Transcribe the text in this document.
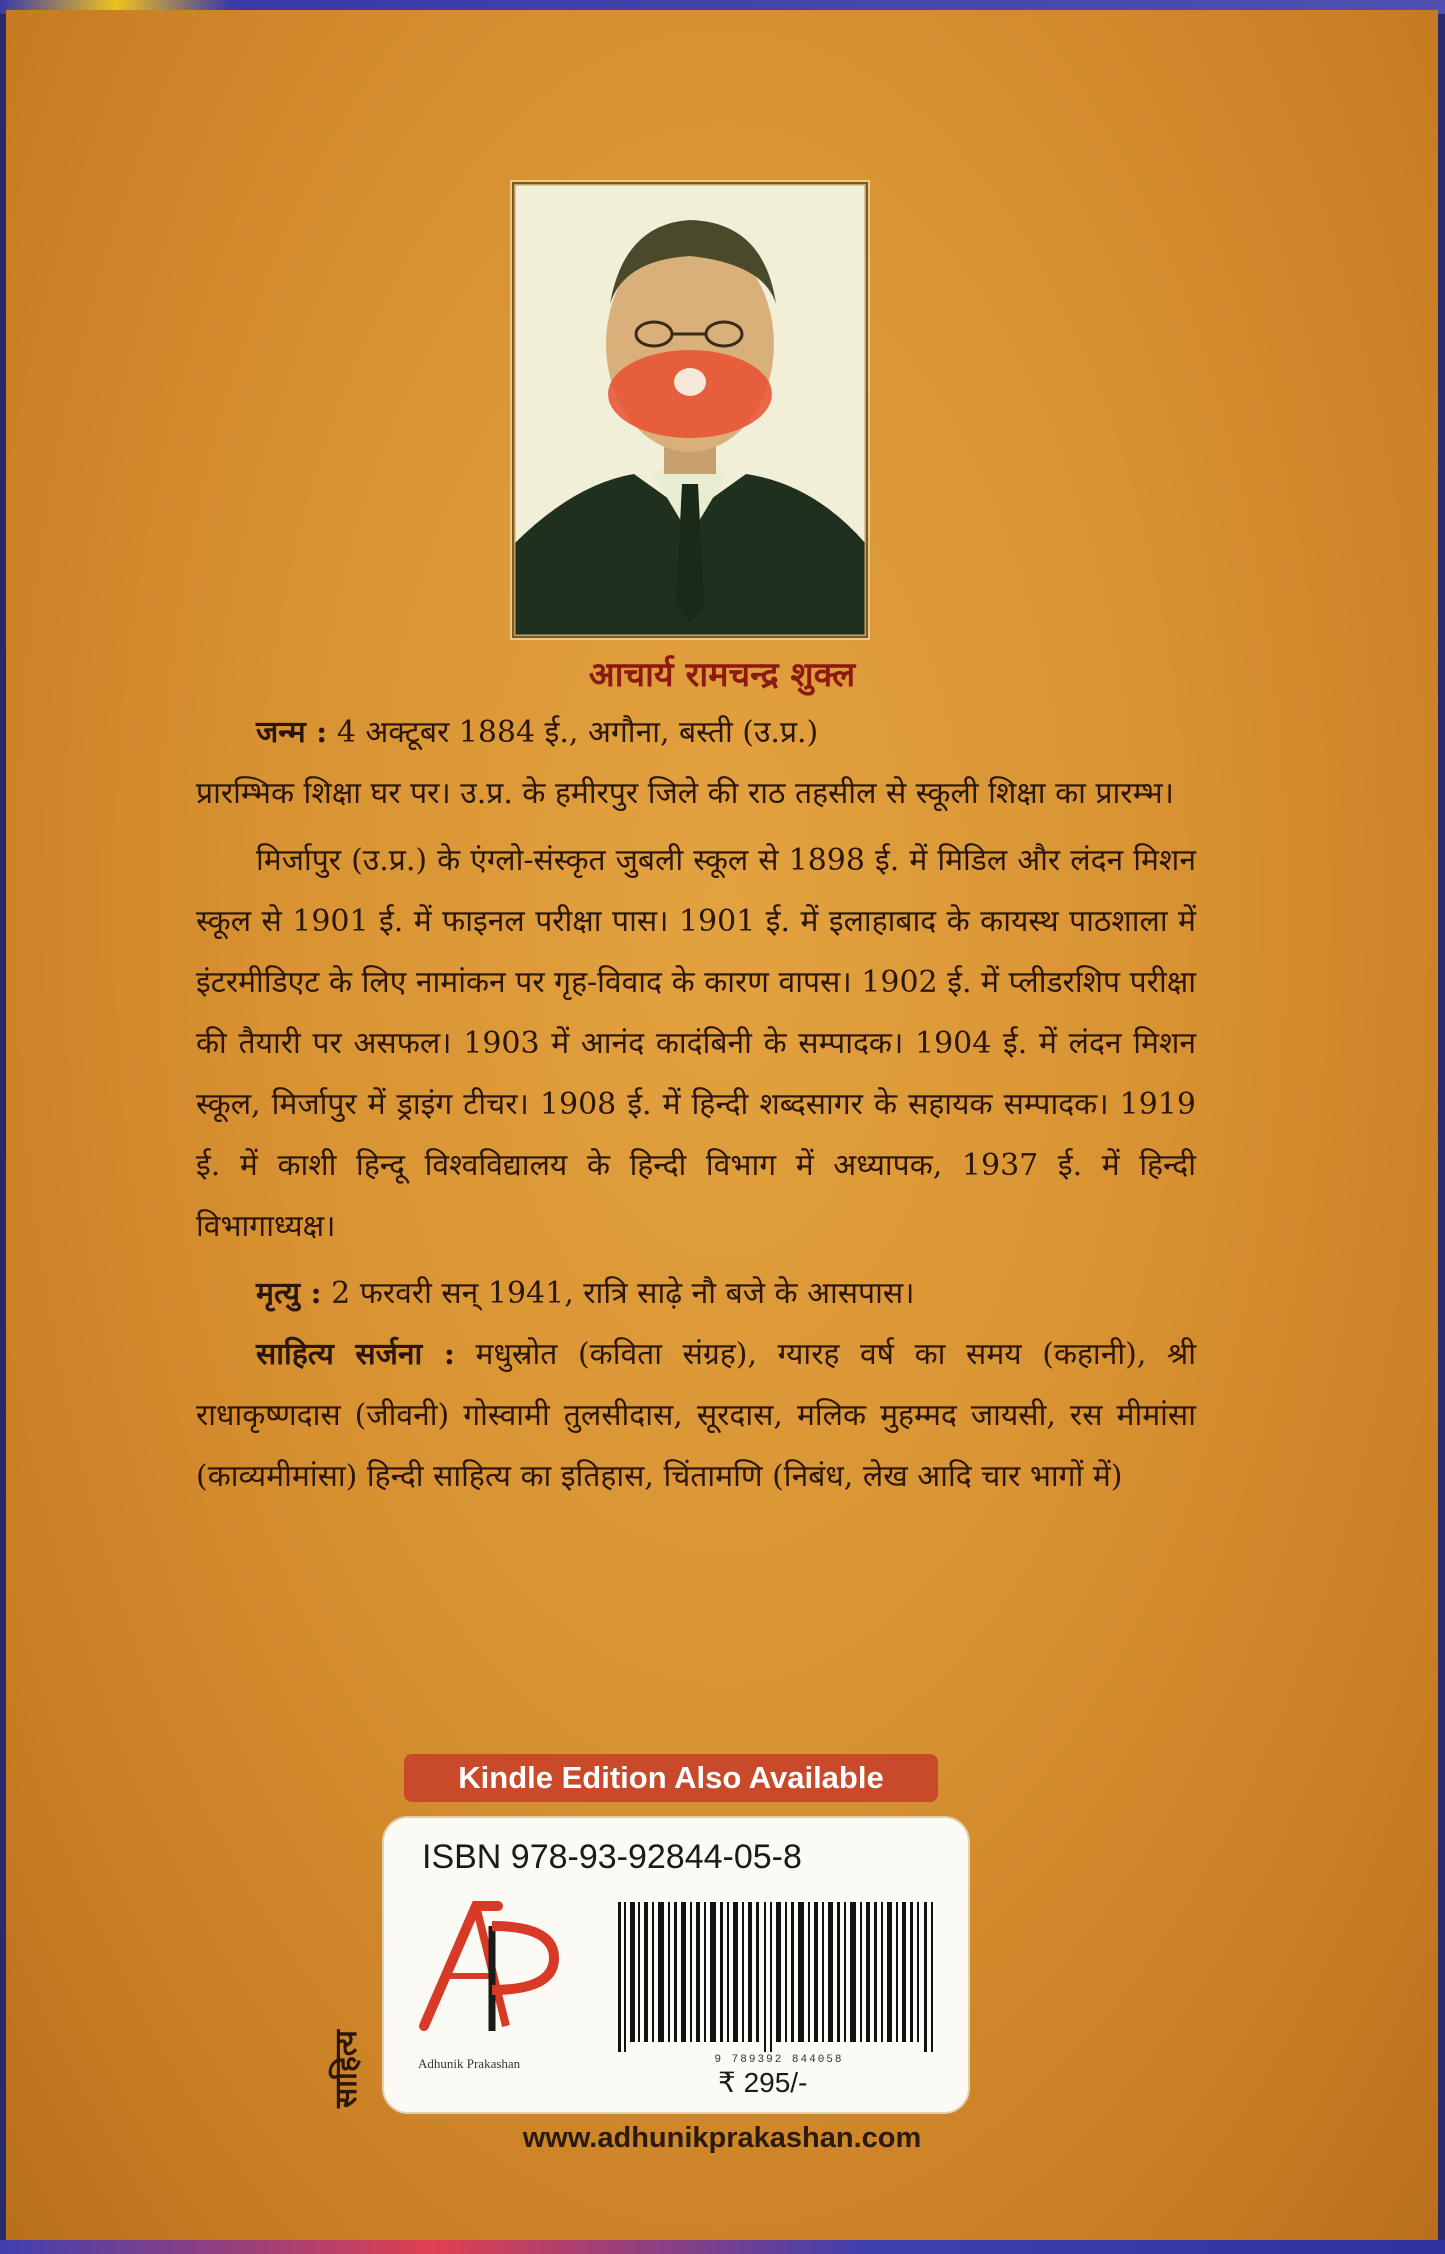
आचार्य रामचन्द्र शुक्ल

जन्म : 4 अक्टूबर 1884 ई., अगौना, बस्ती (उ.प्र.)

प्रारम्भिक शिक्षा घर पर। उ.प्र. के हमीरपुर जिले की राठ तहसील से स्कूली शिक्षा का प्रारम्भ।

मिर्जापुर (उ.प्र.) के एंग्लो-संस्कृत जुबली स्कूल से 1898 ई. में मिडिल और लंदन मिशन स्कूल से 1901 ई. में फाइनल परीक्षा पास। 1901 ई. में इलाहाबाद के कायस्थ पाठशाला में इंटरमीडिएट के लिए नामांकन पर गृह-विवाद के कारण वापस। 1902 ई. में प्लीडरशिप परीक्षा की तैयारी पर असफल। 1903 में आनंद कादंबिनी के सम्पादक। 1904 ई. में लंदन मिशन स्कूल, मिर्जापुर में ड्राइंग टीचर। 1908 ई. में हिन्दी शब्दसागर के सहायक सम्पादक। 1919 ई. में काशी हिन्दू विश्वविद्यालय के हिन्दी विभाग में अध्यापक, 1937 ई. में हिन्दी विभागाध्यक्ष।

मृत्यु : 2 फरवरी सन् 1941, रात्रि साढ़े नौ बजे के आसपास।

साहित्य सर्जना : मधुस्रोत (कविता संग्रह), ग्यारह वर्ष का समय (कहानी), श्री राधाकृष्णदास (जीवनी) गोस्वामी तुलसीदास, सूरदास, मलिक मुहम्मद जायसी, रस मीमांसा (काव्यमीमांसा) हिन्दी साहित्य का इतिहास, चिंतामणि (निबंध, लेख आदि चार भागों में)

Kindle Edition Also Available
साहित्य
ISBN 978-93-92844-05-8
Adhunik Prakashan	9 789392 844058
₹ 295/-
www.adhunikprakashan.com
